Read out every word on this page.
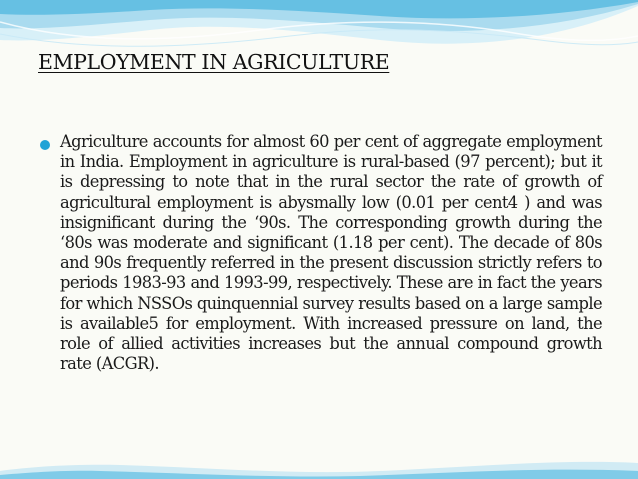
EMPLOYMENT IN AGRICULTURE

Agriculture accounts for almost 60 per cent of aggregate employment in India. Employment in agriculture is rural-based (97 percent); but it is depressing to note that in the rural sector the rate of growth of agricultural employment is abysmally low (0.01 per cent4 ) and was insignificant during the ‘90s. The corresponding growth during the ‘80s was moderate and significant (1.18 per cent). The decade of 80s and 90s frequently referred in the present discussion strictly refers to periods 1983-93 and 1993-99, respectively. These are in fact the years for which NSSOs quinquennial survey results based on a large sample is available5 for employment. With increased pressure on land, the role of allied activities increases but the annual compound growth rate (ACGR).
